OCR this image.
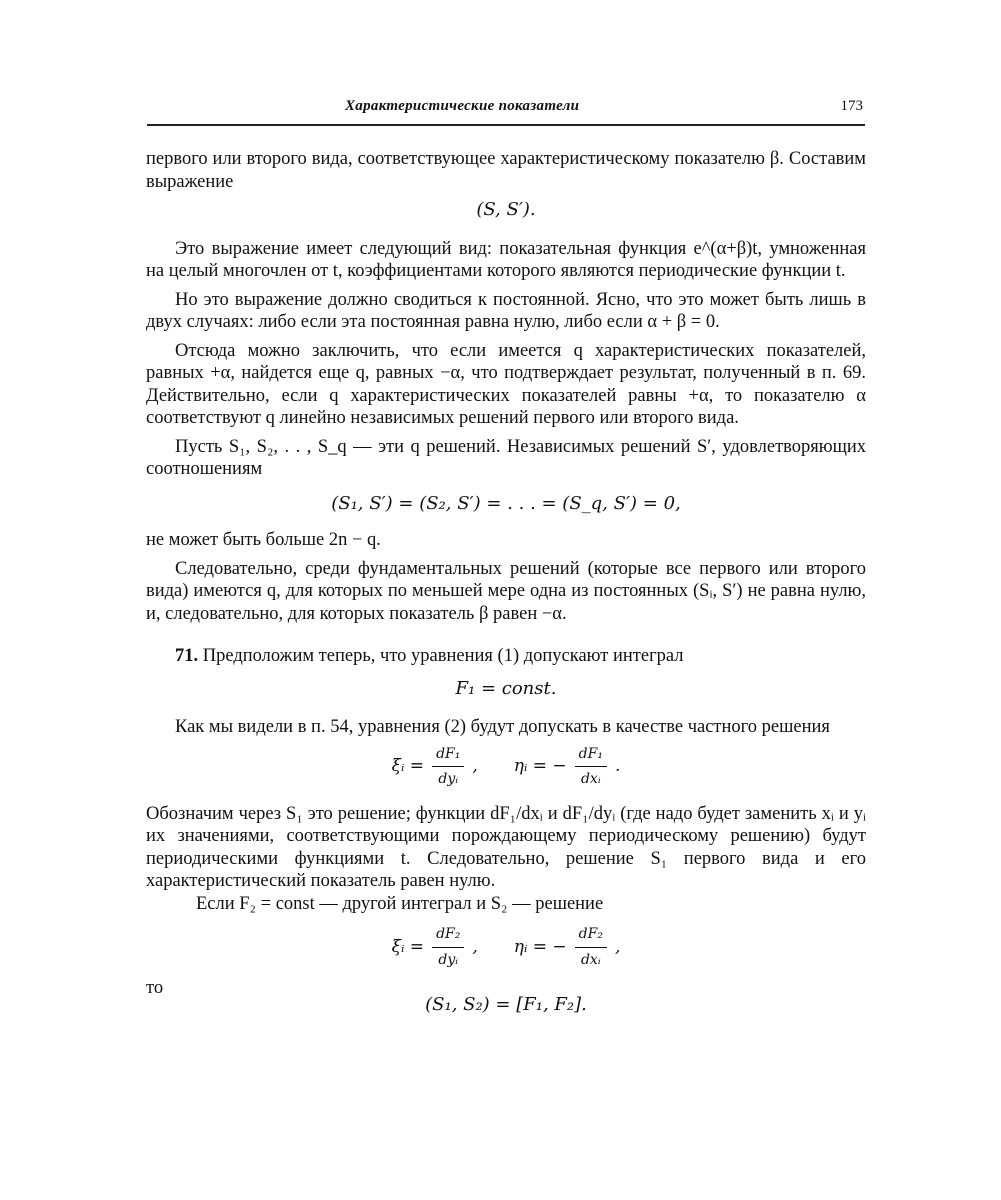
Характеристические показатели	173

первого или второго вида, соответствующее характеристическому показателю β. Составим выражение

(S, S′).

Это выражение имеет следующий вид: показательная функция e^(α+β)t, умноженная на целый многочлен от t, коэффициентами которого являются периодические функции t.

Но это выражение должно сводиться к постоянной. Ясно, что это может быть лишь в двух случаях: либо если эта постоянная равна нулю, либо если α + β = 0.

Отсюда можно заключить, что если имеется q характеристических показателей, равных +α, найдется еще q, равных −α, что подтверждает результат, полученный в п. 69. Действительно, если q характеристических показателей равны +α, то показателю α соответствуют q линейно независимых решений первого или второго вида.

Пусть S₁, S₂, . . , S_q — эти q решений. Независимых решений S′, удовлетворяющих соотношениям

(S₁, S′) = (S₂, S′) = . . . = (S_q, S′) = 0,

не может быть больше 2n − q.

Следовательно, среди фундаментальных решений (которые все первого или второго вида) имеются q, для которых по меньшей мере одна из постоянных (Sᵢ, S′) не равна нулю, и, следовательно, для которых показатель β равен −α.

71. Предположим теперь, что уравнения (1) допускают интеграл

F₁ = const.

Как мы видели в п. 54, уравнения (2) будут допускать в качестве частного решения

ξᵢ = $\frac{\text{dF₁}}{\text{dyᵢ}}$ , ηᵢ = − $\frac{\text{dF₁}}{\text{dxᵢ}}$ .

Обозначим через S₁ это решение; функции dF₁/dxᵢ и dF₁/dyᵢ (где надо будет заменить xᵢ и yᵢ их значениями, соответствующими порождающему периодическому решению) будут периодическими функциями t. Следовательно, решение S₁ первого вида и его характеристический показатель равен нулю.

Если F₂ = const — другой интеграл и S₂ — решение

ξᵢ = $\frac{\text{dF₂}}{\text{dyᵢ}}$ , ηᵢ = − $\frac{\text{dF₂}}{\text{dxᵢ}}$ ,
то
(S₁, S₂) = [F₁, F₂].
